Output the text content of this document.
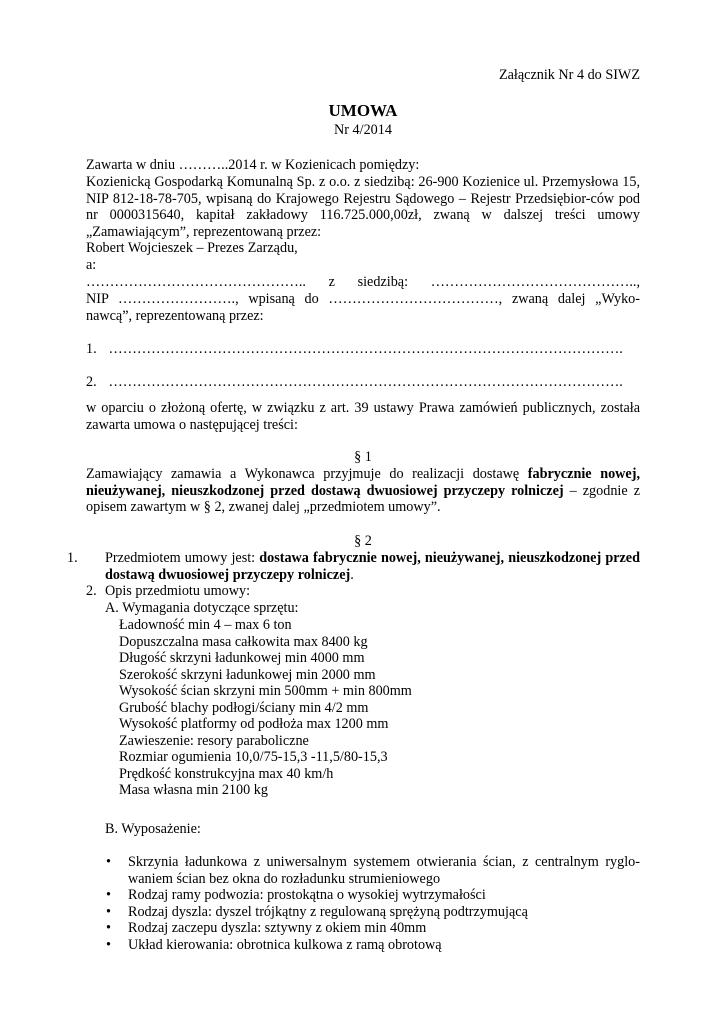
Załącznik Nr 4 do SIWZ
UMOWA
Nr 4/2014
Zawarta w dniu ………..2014 r. w Kozienicach pomiędzy:
Kozienicką Gospodarką Komunalną Sp. z o.o. z siedzibą: 26-900 Kozienice ul. Przemysłowa 15, NIP 812-18-78-705, wpisaną do Krajowego Rejestru Sądowego – Rejestr Przedsiębior-ców pod nr 0000315640, kapitał zakładowy 116.725.000,00zł, zwaną w dalszej treści umowy „Zamawiającym”, reprezentowaną przez:
Robert Wojcieszek – Prezes Zarządu,
a:
……………………………………….. z siedzibą: ……………………………………..,
NIP ……………………., wpisaną do ………………………………, zwaną dalej „Wyko-nawcą”, reprezentowaną przez:
1. ……………………………………………………………………………………………….
2. ……………………………………………………………………………………………….
w oparciu o złożoną ofertę, w związku z art. 39 ustawy Prawa zamówień publicznych, została zawarta umowa o następującej treści:
§ 1
Zamawiający zamawia a Wykonawca przyjmuje do realizacji dostawę fabrycznie nowej, nieużywanej, nieuszkodzonej przed dostawą dwuosiowej przyczepy rolniczej – zgodnie z opisem zawartym w § 2, zwanej dalej „przedmiotem umowy”.
§ 2
1. Przedmiotem umowy jest: dostawa fabrycznie nowej, nieużywanej, nieuszkodzonej przed dostawą dwuosiowej przyczepy rolniczej.
2. Opis przedmiotu umowy:
A. Wymagania dotyczące sprzętu:
Ładowność min 4 – max 6 ton
Dopuszczalna masa całkowita max 8400 kg
Długość skrzyni ładunkowej min 4000 mm
Szerokość skrzyni ładunkowej min 2000 mm
Wysokość ścian skrzyni min 500mm + min 800mm
Grubość blachy podłogi/ściany min 4/2 mm
Wysokość platformy od podłoża max 1200 mm
Zawieszenie: resory paraboliczne
Rozmiar ogumienia 10,0/75-15,3 -11,5/80-15,3
Prędkość konstrukcyjna max 40 km/h
Masa własna min 2100 kg
B. Wyposażenie:
• Skrzynia ładunkowa z uniwersalnym systemem otwierania ścian, z centralnym ryglo-waniem ścian bez okna do rozładunku strumieniowego
• Rodzaj ramy podwozia: prostokątna o wysokiej wytrzymałości
• Rodzaj dyszla: dyszel trójkątny z regulowaną sprężyną podtrzymującą
• Rodzaj zaczepu dyszla: sztywny z okiem min 40mm
• Układ kierowania: obrotnica kulkowa z ramą obrotową
